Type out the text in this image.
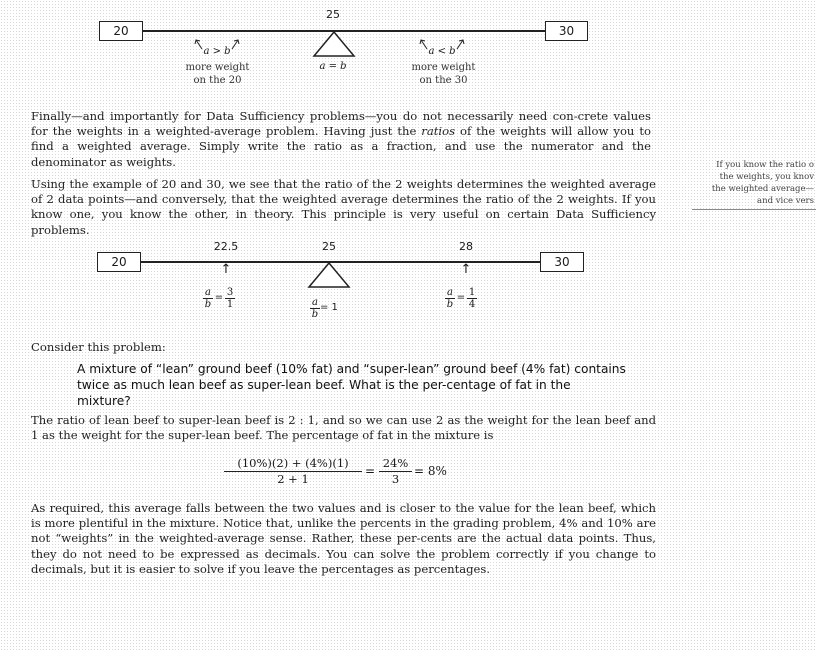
20	30
25
a > b
more weight
on the 20
a = b
a < b
more weight
on the 30

Finally—and importantly for Data Sufficiency problems—you do not necessarily need con-crete values for the weights in a weighted-average problem. Having just the ratios of the weights will allow you to find a weighted average. Simply write the ratio as a fraction, and use the numerator and the denominator as weights.	If you know the ratio o
the weights, you knov
the weighted average—
and vice vers

Using the example of 20 and 30, we see that the ratio of the 2 weights determines the weighted average of 2 data points—and conversely, that the weighted average determines the ratio of the 2 weights. If you know one, you know the other, in theory. This principle is very useful on certain Data Sufficiency problems.

20	30
22.5	25	28
↑	↑
$\frac{a}{b} = \frac{3}{1}$	$\frac{a}{b} = 1$	$\frac{a}{b} = \frac{1}{4}$

Consider this problem:

A mixture of “lean” ground beef (10% fat) and “super-lean” ground beef (4% fat) contains twice as much lean beef as super-lean beef. What is the per-centage of fat in the mixture?

The ratio of lean beef to super-lean beef is 2 : 1, and so we can use 2 as the weight for the lean beef and 1 as the weight for the super-lean beef. The percentage of fat in the mixture is

$\frac{(10\%)(2) + (4\%)(1)}{2 + 1} = \frac{24\%}{3} = 8\%$

As required, this average falls between the two values and is closer to the value for the lean beef, which is more plentiful in the mixture. Notice that, unlike the percents in the grading problem, 4% and 10% are not “weights” in the weighted-average sense. Rather, these per-cents are the actual data points. Thus, they do not need to be expressed as decimals. You can solve the problem correctly if you change to decimals, but it is easier to solve if you leave the percentages as percentages.
